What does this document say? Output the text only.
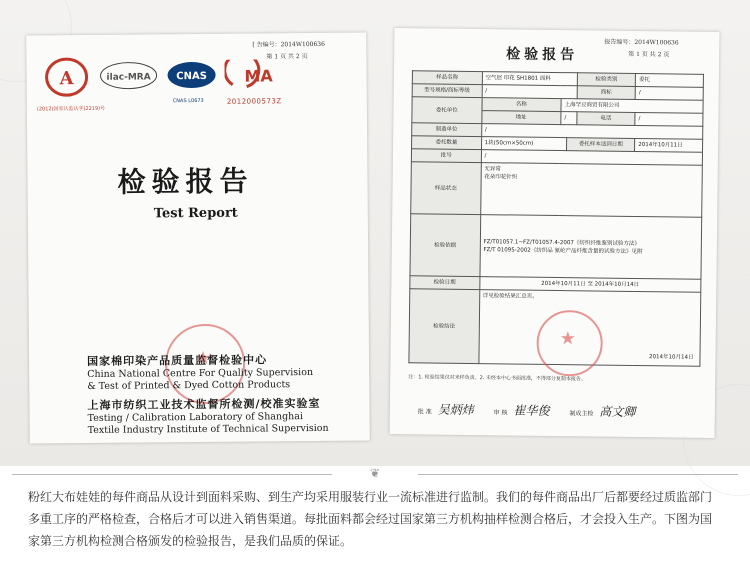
[ 告编号：2014W100636
第 1 页 共 2 页
A
(2012)国家认监认字(2219)号
ilac-MRA	CNAS
CNAS L0673
MA
2012000573Z
检验报告
Test Report
★
国家棉印染产品质量监督检验中心
China National Centre For Quality Supervision
& Test of Printed & Dyed Cotton Products
上海市纺织工业技术监督所检测/校准实验室
Testing / Calibration Laboratory of Shanghai
Textile Industry Institute of Technical Supervision
报告编号：2014W100636
第 1 页 共 2 页
检验报告
样品名称	空气层 印花 SH1801 面料			检验类别	委托
型号规格/商标等级	/			商标	/
委托单位	名称	上海罕豆商贸有限公司			
	地址	/		电话	/
制造单位	/				
委托数量	1块(50cm×50cm)		委托样本送到日期		2014年10月11日
批号	/				
样品状态	无异常
花朵印花针织				

检验依据	FZ/T01057.1~FZ/T01057.4-2007《纺织纤维鉴别试验方法》
FZ/T 01095-2002《纺织品 氨纶产品纤维含量的试验方法》见附				

检验日期	2014年10月11日 至 2014年10月14日				
检验结论	详见检验结果汇总页。
2014年10月14日				
★
注：1. 检验结果仅对来样负责。2. 未经本中心书面批准，不得部分复制本报告。
批 准 吴炳炜	审 核 崔华俊	制成主检 高文卿
❦
粉红大布娃娃的每件商品从设计到面料采购、到生产均采用服装行业一流标准进行监制。我们的每件商品出厂后都要经过质监部门多重工序的严格检查，合格后才可以进入销售渠道。每批面料都会经过国家第三方机构抽样检测合格后，才会投入生产。下图为国家第三方机构检测合格颁发的检验报告，是我们品质的保证。
